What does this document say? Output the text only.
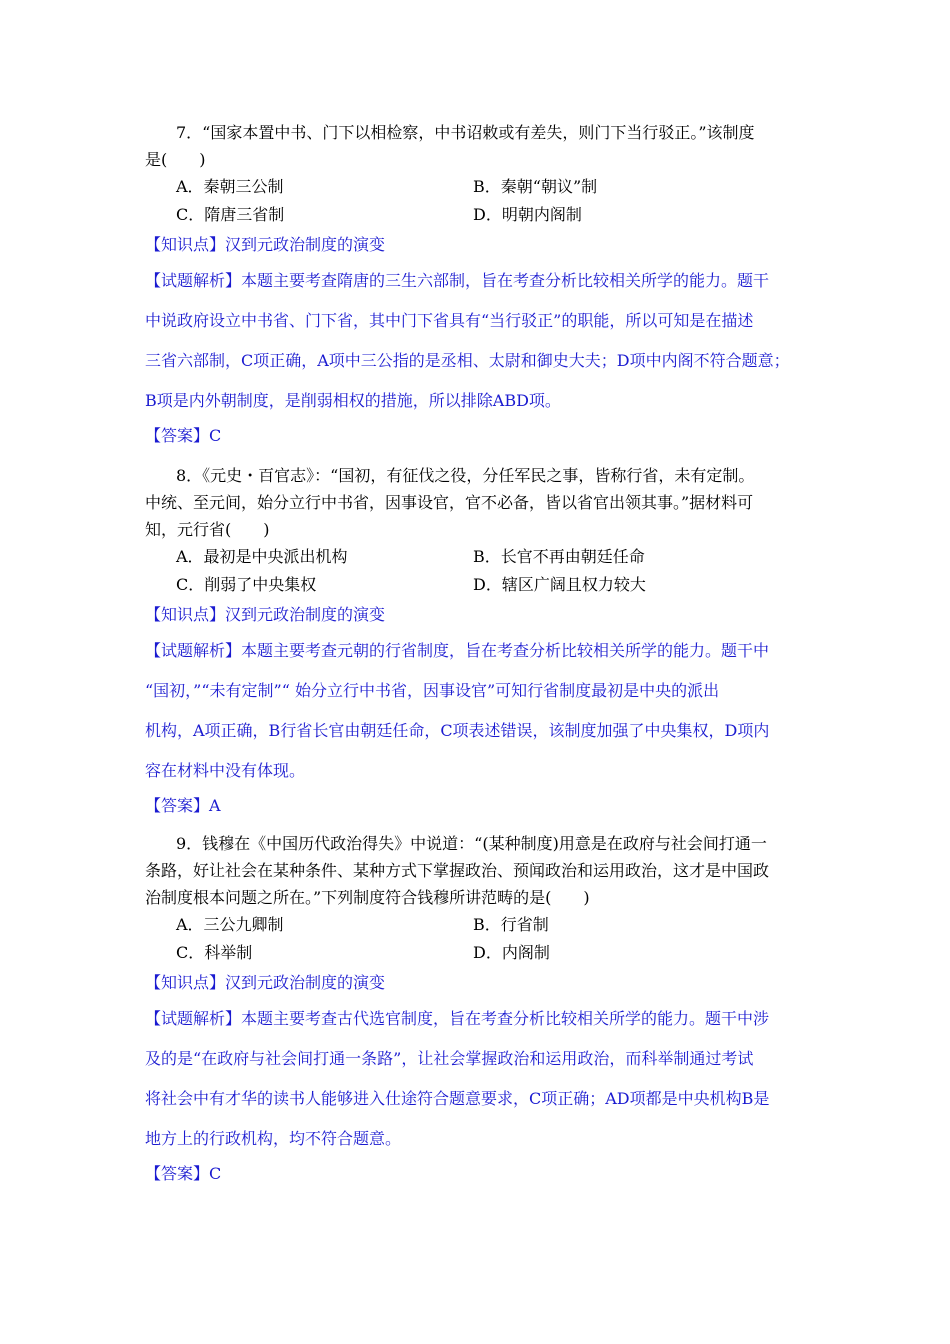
7．“国家本置中书、门下以相检察，中书诏敕或有差失，则门下当行驳正。”该制度
是(　　)
A．秦朝三公制	B．秦朝“朝议”制
C．隋唐三省制	D．明朝内阁制
【知识点】汉到元政治制度的演变
【试题解析】本题主要考查隋唐的三生六部制，旨在考查分析比较相关所学的能力。题干
中说政府设立中书省、门下省，其中门下省具有“当行驳正”的职能，所以可知是在描述
三省六部制，C项正确，A项中三公指的是丞相、太尉和御史大夫；D项中内阁不符合题意；
B项是内外朝制度，是削弱相权的措施，所以排除ABD项。
【答案】C
8．《元史・百官志》：“国初，有征伐之役，分任军民之事，皆称行省，未有定制。
中统、至元间，始分立行中书省，因事设官，官不必备，皆以省官出领其事。”据材料可
知，元行省(　　)
A．最初是中央派出机构	B．长官不再由朝廷任命
C．削弱了中央集权	D．辖区广阔且权力较大
【知识点】汉到元政治制度的演变
【试题解析】本题主要考查元朝的行省制度，旨在考查分析比较相关所学的能力。题干中
“国初，”“未有定制”“ 始分立行中书省，因事设官”可知行省制度最初是中央的派出
机构，A项正确，B行省长官由朝廷任命，C项表述错误，该制度加强了中央集权，D项内
容在材料中没有体现。
【答案】A
9．钱穆在《中国历代政治得失》中说道：“(某种制度)用意是在政府与社会间打通一
条路，好让社会在某种条件、某种方式下掌握政治、预闻政治和运用政治，这才是中国政
治制度根本问题之所在。”下列制度符合钱穆所讲范畴的是(　　)
A．三公九卿制	B．行省制
C．科举制	D．内阁制
【知识点】汉到元政治制度的演变
【试题解析】本题主要考查古代选官制度，旨在考查分析比较相关所学的能力。题干中涉
及的是“在政府与社会间打通一条路”，让社会掌握政治和运用政治，而科举制通过考试
将社会中有才华的读书人能够进入仕途符合题意要求，C项正确；AD项都是中央机构B是
地方上的行政机构，均不符合题意。
【答案】C
